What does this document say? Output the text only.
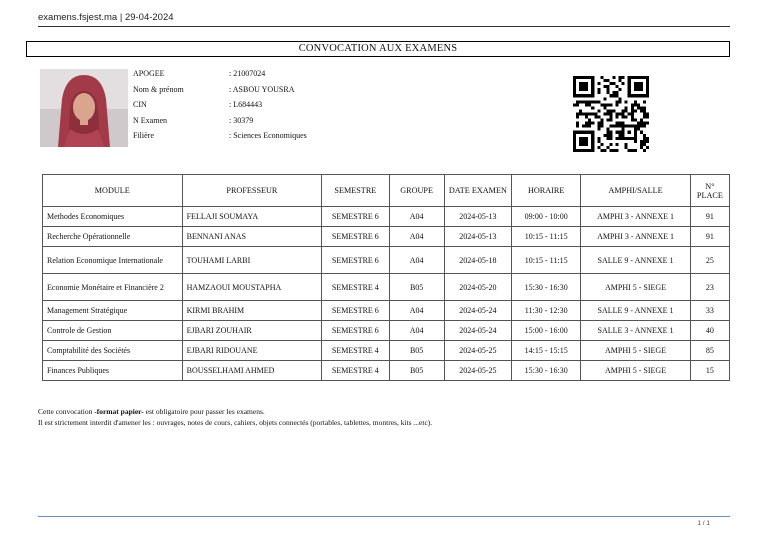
examens.fsjest.ma | 29-04-2024
CONVOCATION AUX EXAMENS
APOGEE	: 21007024
Nom & prénom	: ASBOU YOUSRA
CIN	: L684443
N Examen	: 30379
Filière	: Sciences Economiques
MODULE	PROFESSEUR	SEMESTRE	GROUPE	DATE EXAMEN	HORAIRE	AMPHI/SALLE	N° PLACE
Methodes Economiques	FELLAJI SOUMAYA	SEMESTRE 6	A04	2024-05-13	09:00 - 10:00	AMPHI 3 - ANNEXE 1	91
Recherche Opérationnelle	BENNANI ANAS	SEMESTRE 6	A04	2024-05-13	10:15 - 11:15	AMPHI 3 - ANNEXE 1	91
Relation Economique Internationale	TOUHAMI LARBI	SEMESTRE 6	A04	2024-05-18	10:15 - 11:15	SALLE 9 - ANNEXE 1	25
Economie Monétaire et Financière 2	HAMZAOUI MOUSTAPHA	SEMESTRE 4	B05	2024-05-20	15:30 - 16:30	AMPHI 5 - SIEGE	23
Management Stratégique	KIRMI BRAHIM	SEMESTRE 6	A04	2024-05-24	11:30 - 12:30	SALLE 9 - ANNEXE 1	33
Controle de Gestion	EJBARI ZOUHAIR	SEMESTRE 6	A04	2024-05-24	15:00 - 16:00	SALLE 3 - ANNEXE 1	40
Comptabilité des Sociétés	EJBARI RIDOUANE	SEMESTRE 4	B05	2024-05-25	14:15 - 15:15	AMPHI 5 - SIEGE	85
Finances Publiques	BOUSSELHAMI AHMED	SEMESTRE 4	B05	2024-05-25	15:30 - 16:30	AMPHI 5 - SIEGE	15
Cette convocation -format papier- est obligatoire pour passer les examens.
Il est strictement interdit d'amener les : ouvrages, notes de cours, cahiers, objets connectés (portables, tablettes, montres, kits ...etc).
1 / 1
